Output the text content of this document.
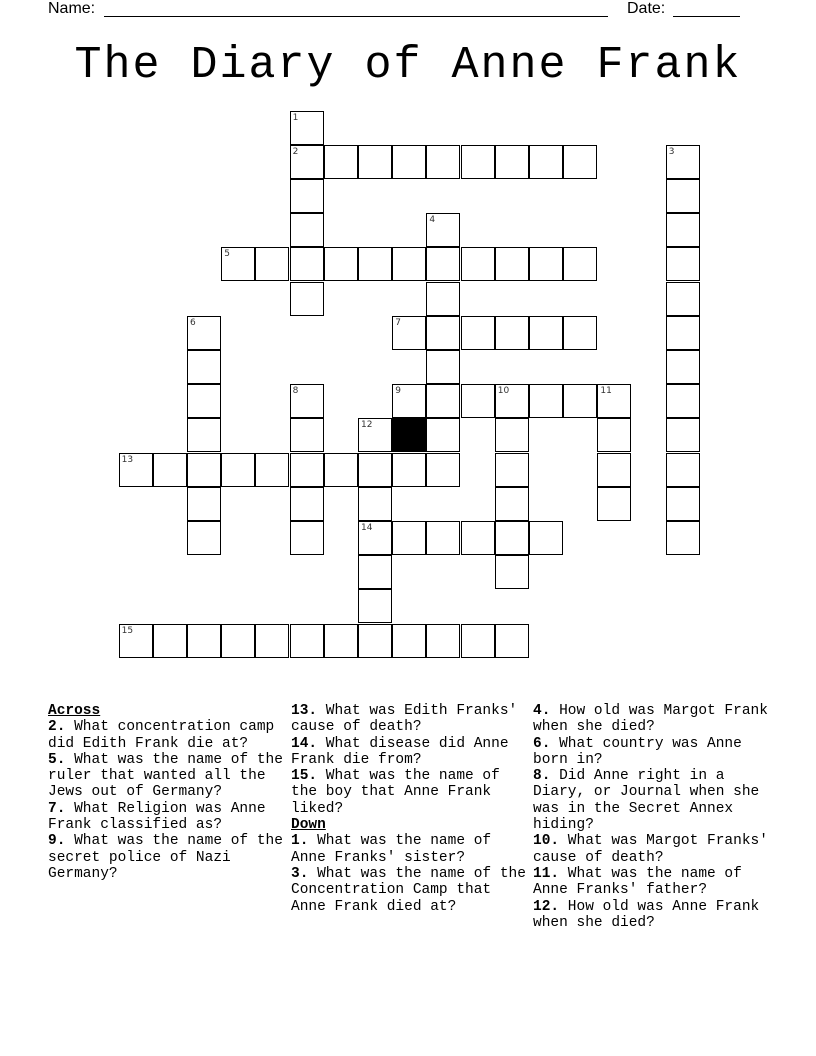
Name:	Date:
The Diary of Anne Frank
1
2	3
4
5
6	7
8	9	10	11
12
13
14
15

Across

2. What concentration camp did Edith Frank die at?

5. What was the name of the ruler that wanted all the Jews out of Germany?

7. What Religion was Anne Frank classified as?

9. What was the name of the secret police of Nazi Germany?

13. What was Edith Franks' cause of death?

14. What disease did Anne Frank die from?

15. What was the name of the boy that Anne Frank liked?

Down

1. What was the name of Anne Franks' sister?

3. What was the name of the Concentration Camp that Anne Frank died at?

4. How old was Margot Frank when she died?

6. What country was Anne born in?

8. Did Anne right in a Diary, or Journal when she was in the Secret Annex hiding?

10. What was Margot Franks' cause of death?

11. What was the name of Anne Franks' father?

12. How old was Anne Frank when she died?
